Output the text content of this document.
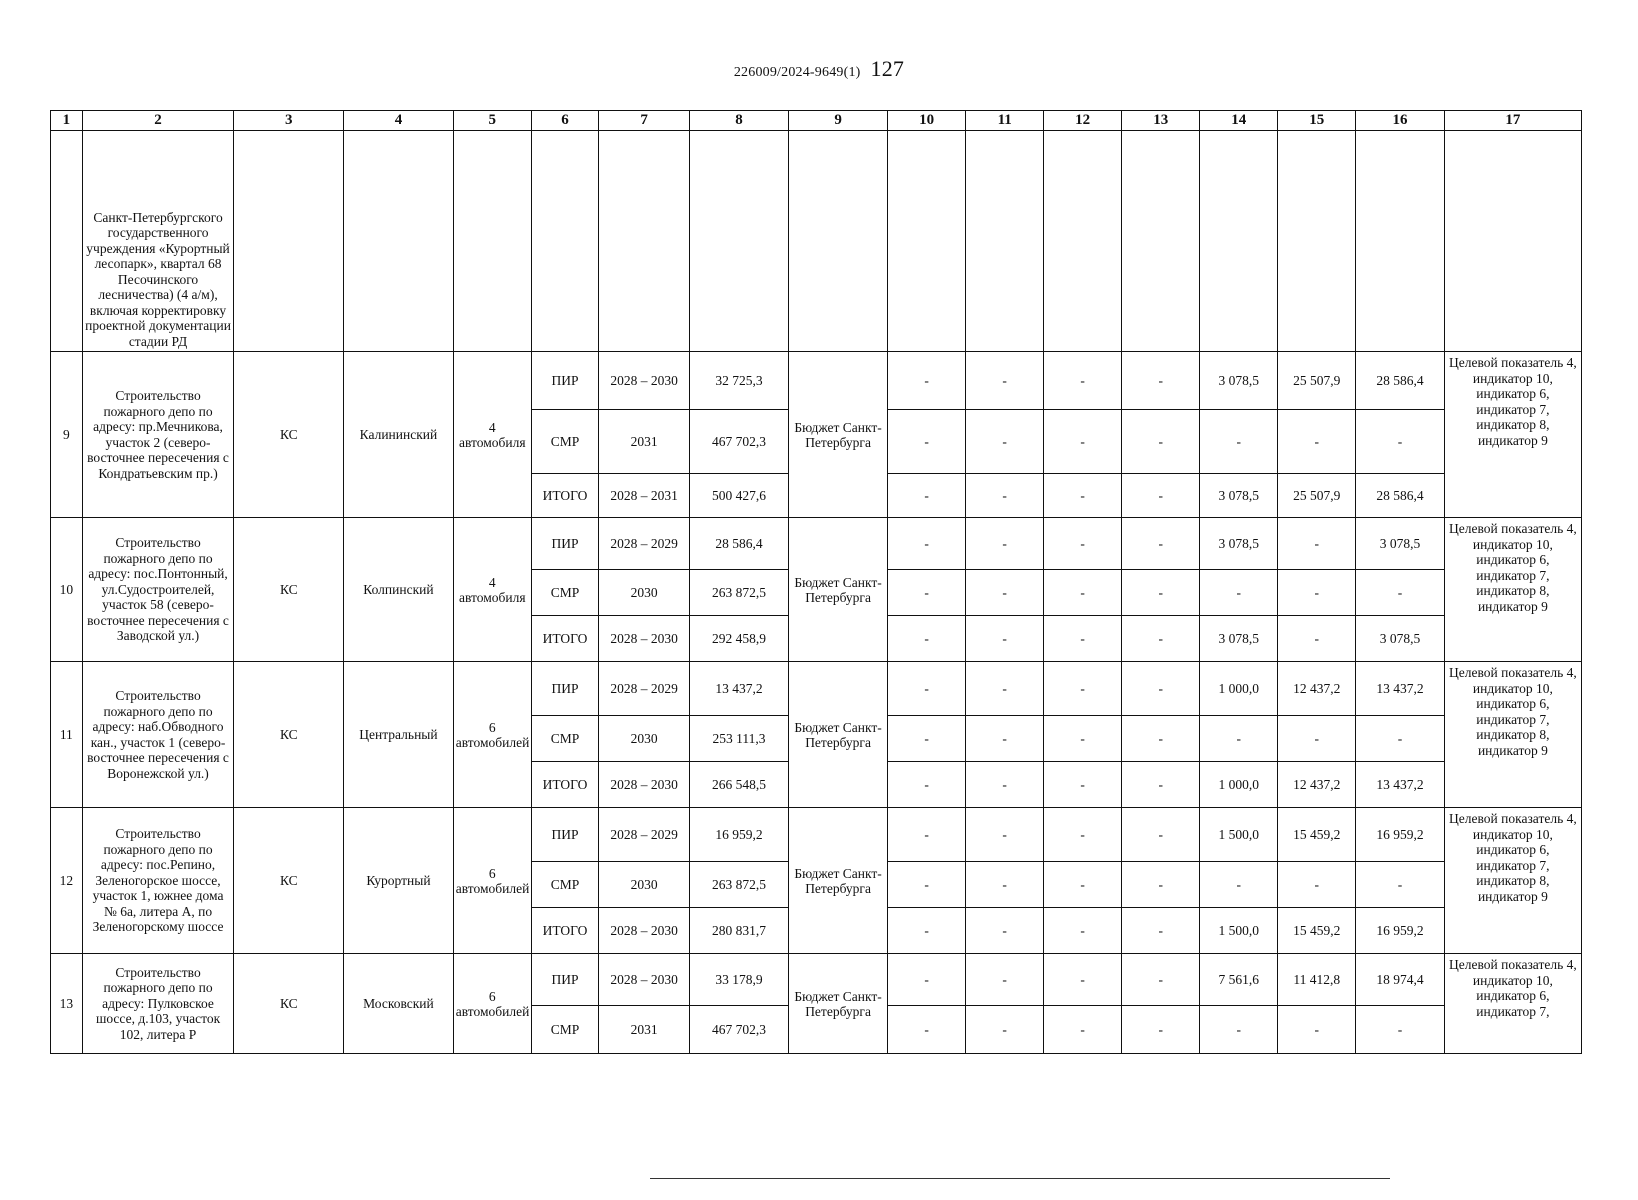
226009/2024-9649(1) 127
1	2	3	4	5	6	7	8	9	10	11	12	13	14	15	16	17
	Санкт-Петербургского государственного учреждения «Курортный лесопарк», квартал 68 Песочинского лесничества) (4 а/м), включая корректировку проектной документации стадии РД															
9	Строительство пожарного депо по адресу: пр.Мечникова, участок 2 (северо-восточнее пересечения с Кондратьевским пр.)	КС	Калининский	4 автомобиля	ПИР	2028 – 2030	32 725,3	Бюджет Санкт-Петербурга	-	-	-	-	3 078,5	25 507,9	28 586,4	Целевой показатель 4, индикатор 10, индикатор 6, индикатор 7, индикатор 8, индикатор 9
					СМР	2031	467 702,3		-	-	-	-	-	-	-	
					ИТОГО	2028 – 2031	500 427,6		-	-	-	-	3 078,5	25 507,9	28 586,4	
10	Строительство пожарного депо по адресу: пос.Понтонный, ул.Судостроителей, участок 58 (северо-восточнее пересечения с Заводской ул.)	КС	Колпинский	4 автомобиля	ПИР	2028 – 2029	28 586,4	Бюджет Санкт-Петербурга	-	-	-	-	3 078,5	-	3 078,5	Целевой показатель 4, индикатор 10, индикатор 6, индикатор 7, индикатор 8, индикатор 9
					СМР	2030	263 872,5		-	-	-	-	-	-	-	
					ИТОГО	2028 – 2030	292 458,9		-	-	-	-	3 078,5	-	3 078,5	
11	Строительство пожарного депо по адресу: наб.Обводного кан., участок 1 (северо-восточнее пересечения с Воронежской ул.)	КС	Центральный	6 автомобилей	ПИР	2028 – 2029	13 437,2	Бюджет Санкт-Петербурга	-	-	-	-	1 000,0	12 437,2	13 437,2	Целевой показатель 4, индикатор 10, индикатор 6, индикатор 7, индикатор 8, индикатор 9
					СМР	2030	253 111,3		-	-	-	-	-	-	-	
					ИТОГО	2028 – 2030	266 548,5		-	-	-	-	1 000,0	12 437,2	13 437,2	
12	Строительство пожарного депо по адресу: пос.Репино, Зеленогорское шоссе, участок 1, южнее дома № 6а, литера А, по Зеленогорскому шоссе	КС	Курортный	6 автомобилей	ПИР	2028 – 2029	16 959,2	Бюджет Санкт-Петербурга	-	-	-	-	1 500,0	15 459,2	16 959,2	Целевой показатель 4, индикатор 10, индикатор 6, индикатор 7, индикатор 8, индикатор 9
					СМР	2030	263 872,5		-	-	-	-	-	-	-	
					ИТОГО	2028 – 2030	280 831,7		-	-	-	-	1 500,0	15 459,2	16 959,2	
13	Строительство пожарного депо по адресу: Пулковское шоссе, д.103, участок 102, литера Р	КС	Московский	6 автомобилей	ПИР	2028 – 2030	33 178,9	Бюджет Санкт-Петербурга	-	-	-	-	7 561,6	11 412,8	18 974,4	Целевой показатель 4, индикатор 10, индикатор 6, индикатор 7,
					СМР	2031	467 702,3		-	-	-	-	-	-	-	
